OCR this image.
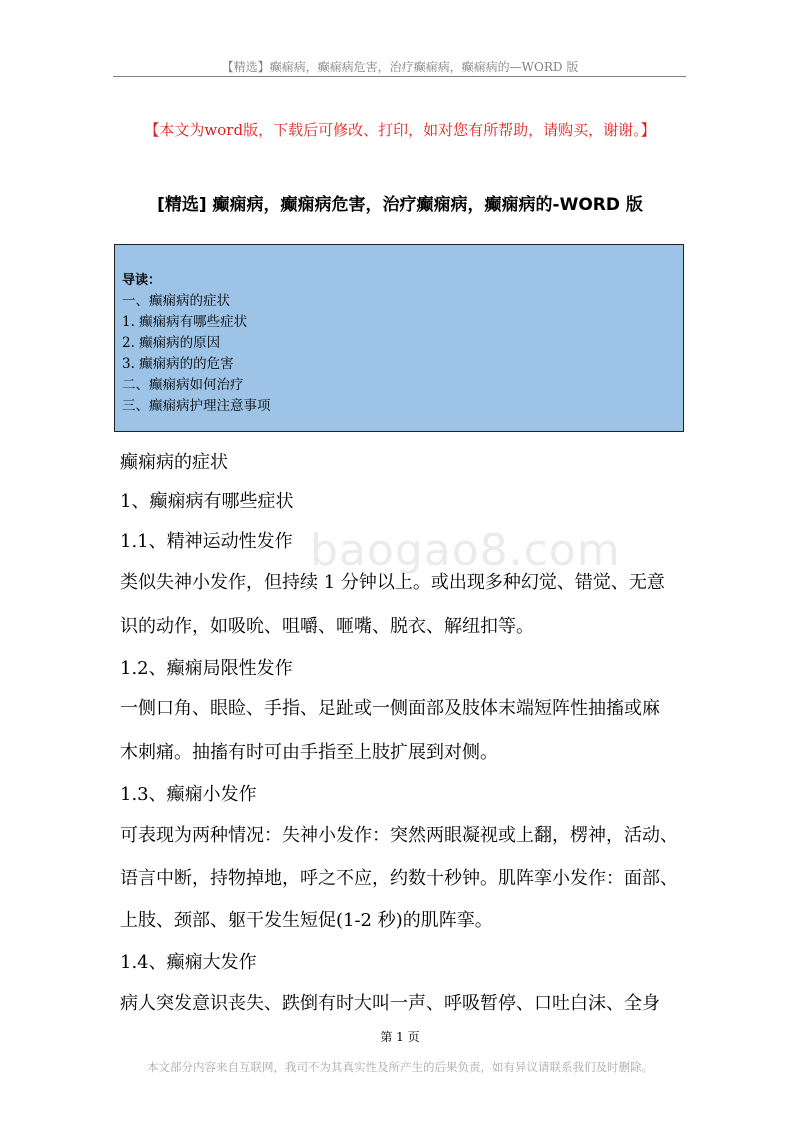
【精选】癫痫病，癫痫病危害，治疗癫痫病，癫痫病的—WORD 版
【本文为word版，下载后可修改、打印，如对您有所帮助，请购买，谢谢。】
[精选] 癫痫病，癫痫病危害，治疗癫痫病，癫痫病的-WORD 版
导读：
一、癫痫病的症状
1. 癫痫病有哪些症状
2. 癫痫病的原因
3. 癫痫病的的危害
二、癫痫病如何治疗
三、癫痫病护理注意事项
baogao8.com
癫痫病的症状
1、癫痫病有哪些症状
1.1、精神运动性发作
类似失神小发作，但持续 1 分钟以上。或出现多种幻觉、错觉、无意
识的动作，如吸吮、咀嚼、咂嘴、脱衣、解纽扣等。
1.2、癫痫局限性发作
一侧口角、眼睑、手指、足趾或一侧面部及肢体末端短阵性抽搐或麻
木刺痛。抽搐有时可由手指至上肢扩展到对侧。
1.3、癫痫小发作
可表现为两种情况：失神小发作：突然两眼凝视或上翻，楞神，活动、
语言中断，持物掉地，呼之不应，约数十秒钟。肌阵挛小发作：面部、
上肢、颈部、躯干发生短促(1-2 秒)的肌阵挛。
1.4、癫痫大发作
病人突发意识丧失、跌倒有时大叫一声、呼吸暂停、口吐白沫、全身
第 1 页
本文部分内容来自互联网，我司不为其真实性及所产生的后果负责，如有异议请联系我们及时删除。
